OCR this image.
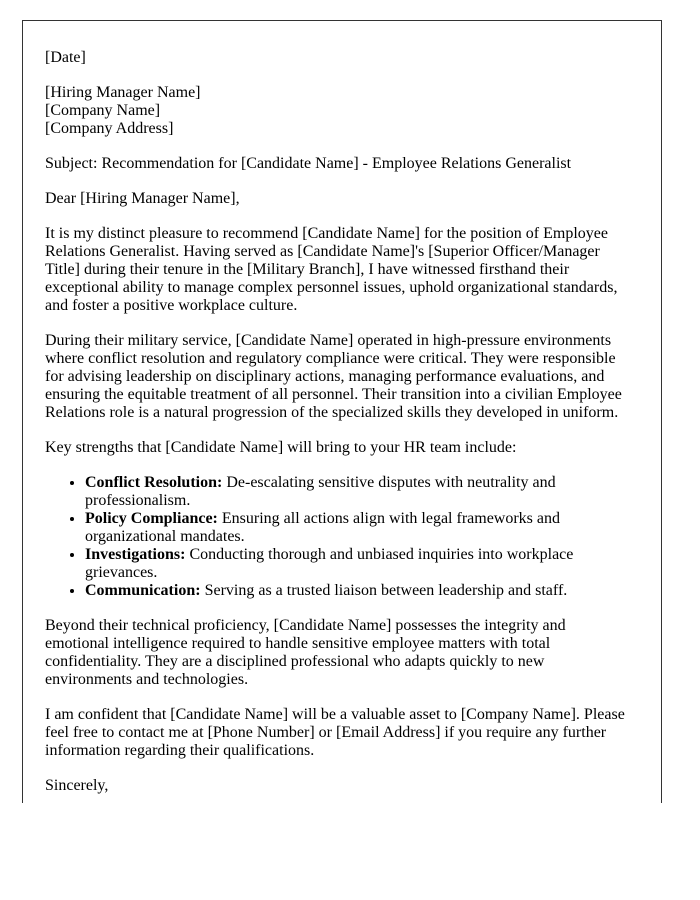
[Date]

[Hiring Manager Name]
[Company Name]
[Company Address]

Subject: Recommendation for [Candidate Name] - Employee Relations Generalist

Dear [Hiring Manager Name],

It is my distinct pleasure to recommend [Candidate Name] for the position of Employee Relations Generalist. Having served as [Candidate Name]'s [Superior Officer/Manager Title] during their tenure in the [Military Branch], I have witnessed firsthand their exceptional ability to manage complex personnel issues, uphold organizational standards, and foster a positive workplace culture.

During their military service, [Candidate Name] operated in high-pressure environments where conflict resolution and regulatory compliance were critical. They were responsible for advising leadership on disciplinary actions, managing performance evaluations, and ensuring the equitable treatment of all personnel. Their transition into a civilian Employee Relations role is a natural progression of the specialized skills they developed in uniform.

Key strengths that [Candidate Name] will bring to your HR team include:

• Conflict Resolution: De-escalating sensitive disputes with neutrality and professionalism.
• Policy Compliance: Ensuring all actions align with legal frameworks and organizational mandates.
• Investigations: Conducting thorough and unbiased inquiries into workplace grievances.
• Communication: Serving as a trusted liaison between leadership and staff.

Beyond their technical proficiency, [Candidate Name] possesses the integrity and emotional intelligence required to handle sensitive employee matters with total confidentiality. They are a disciplined professional who adapts quickly to new environments and technologies.

I am confident that [Candidate Name] will be a valuable asset to [Company Name]. Please feel free to contact me at [Phone Number] or [Email Address] if you require any further information regarding their qualifications.

Sincerely,
